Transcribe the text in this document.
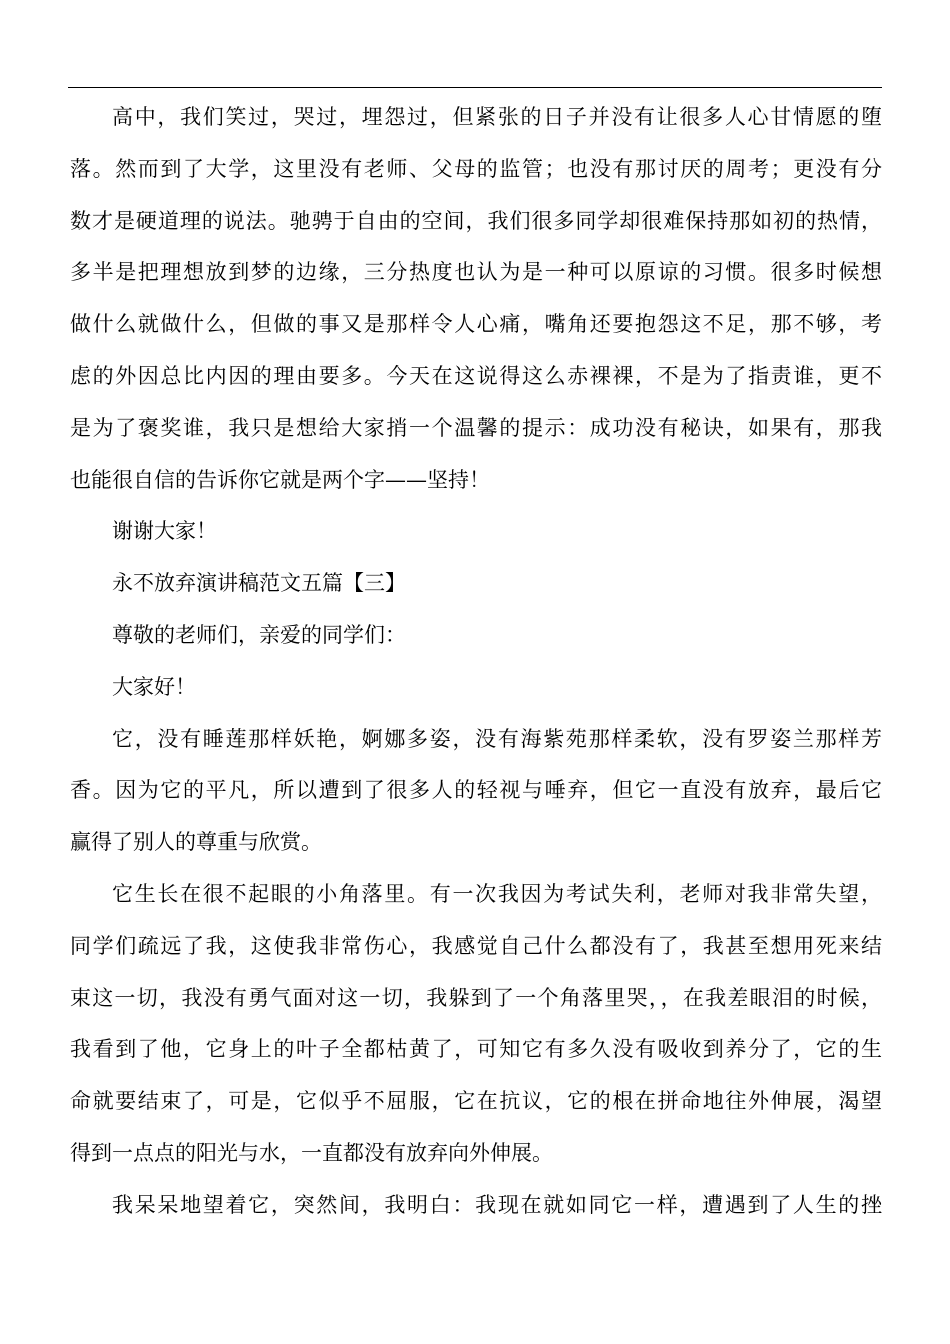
高中，我们笑过，哭过，埋怨过，但紧张的日子并没有让很多人心甘情愿的堕
落。然而到了大学，这里没有老师、父母的监管；也没有那讨厌的周考；更没有分
数才是硬道理的说法。驰骋于自由的空间，我们很多同学却很难保持那如初的热情，
多半是把理想放到梦的边缘，三分热度也认为是一种可以原谅的习惯。很多时候想
做什么就做什么，但做的事又是那样令人心痛，嘴角还要抱怨这不足，那不够，考
虑的外因总比内因的理由要多。今天在这说得这么赤裸裸，不是为了指责谁，更不
是为了褒奖谁，我只是想给大家捎一个温馨的提示：成功没有秘诀，如果有，那我
也能很自信的告诉你它就是两个字——坚持！
谢谢大家！
永不放弃演讲稿范文五篇【三】
尊敬的老师们，亲爱的同学们：
大家好！
它，没有睡莲那样妖艳，婀娜多姿，没有海紫苑那样柔软，没有罗姿兰那样芳
香。因为它的平凡，所以遭到了很多人的轻视与唾弃，但它一直没有放弃，最后它
赢得了别人的尊重与欣赏。
它生长在很不起眼的小角落里。有一次我因为考试失利，老师对我非常失望，
同学们疏远了我，这使我非常伤心，我感觉自己什么都没有了，我甚至想用死来结
束这一切，我没有勇气面对这一切，我躲到了一个角落里哭，，在我差眼泪的时候，
我看到了他，它身上的叶子全都枯黄了，可知它有多久没有吸收到养分了，它的生
命就要结束了，可是，它似乎不屈服，它在抗议，它的根在拼命地往外伸展，渴望
得到一点点的阳光与水，一直都没有放弃向外伸展。
我呆呆地望着它，突然间，我明白：我现在就如同它一样，遭遇到了人生的挫
